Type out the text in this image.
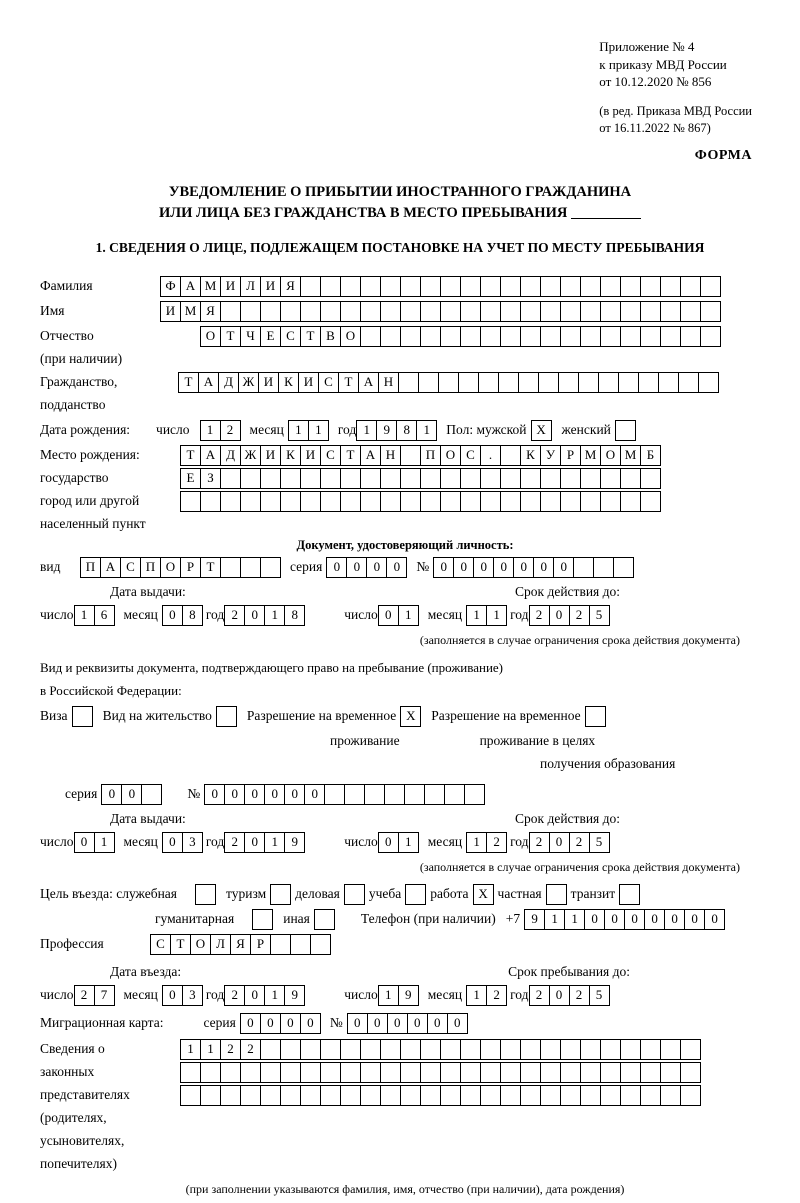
Приложение № 4
к приказу МВД России
от 10.12.2020 № 856
(в ред. Приказа МВД России
от 16.11.2022 № 867)
ФОРМА
УВЕДОМЛЕНИЕ О ПРИБЫТИИ ИНОСТРАННОГО ГРАЖДАНИНА
ИЛИ ЛИЦА БЕЗ ГРАЖДАНСТВА В МЕСТО ПРЕБЫВАНИЯ
1. СВЕДЕНИЯ О ЛИЦЕ, ПОДЛЕЖАЩЕМ ПОСТАНОВКЕ НА УЧЕТ ПО МЕСТУ ПРЕБЫВАНИЯ
Фамилия	Ф А М И Л И Я
Имя	И М Я
Отчество	О Т Ч Е С Т В О
(при наличии)
Гражданство,	Т А Д Ж И К И С Т А Н
подданство
Дата рождения: число	1	2	месяц 1	1	год 1	9	8	1	Пол: мужской X	женский
Место рождения:	Т А Д Ж И К И С Т А Н	П О С	.	К У Р М О М Б
государство	Е З
город или другой
населенный пункт
Документ, удостоверяющий личность:
вид	П А С П О Р Т	серия 0	0	0	0	№ 0	0	0	0	0	0	0
Дата выдачи:	Срок действия до:
число 1	6	месяц 0	8 год 2	0	1	8	число 0	1	месяц 1	1 год 2	0	2	5
(заполняется в случае ограничения срока действия документа)
Вид и реквизиты документа, подтверждающего право на пребывание (проживание)
в Российской Федерации:
Виза	Вид на жительство	Разрешение на временное X	Разрешение на временное
проживание	проживание в целях
получения образования
серия 0	0	№ 0	0	0	0	0	0
Дата выдачи:	Срок действия до:
число 0	1	месяц 0	3 год 2	0	1	9	число 0	1	месяц 1	2 год 2	0	2	5
(заполняется в случае ограничения срока действия документа)
Цель въезда: служебная	туризм деловая учеба работа X частная транзит
гуманитарная	иная	Телефон (при наличии) +7 9	1	1	0	0	0	0	0	0	0
Профессия	С Т О Л Я Р
Дата въезда:	Срок пребывания до:
число 2	7	месяц 0	3 год 2	0	1	9	число 1	9	месяц 1	2 год 2	0	2	5
Миграционная карта:	серия 0	0	0	0	№ 0	0	0	0	0	0
Сведения о	1	1	2	2
законных
представителях
(родителях,
усыновителях,
попечителях)
(при заполнении указываются фамилия, имя, отчество (при наличии), дата рождения)
